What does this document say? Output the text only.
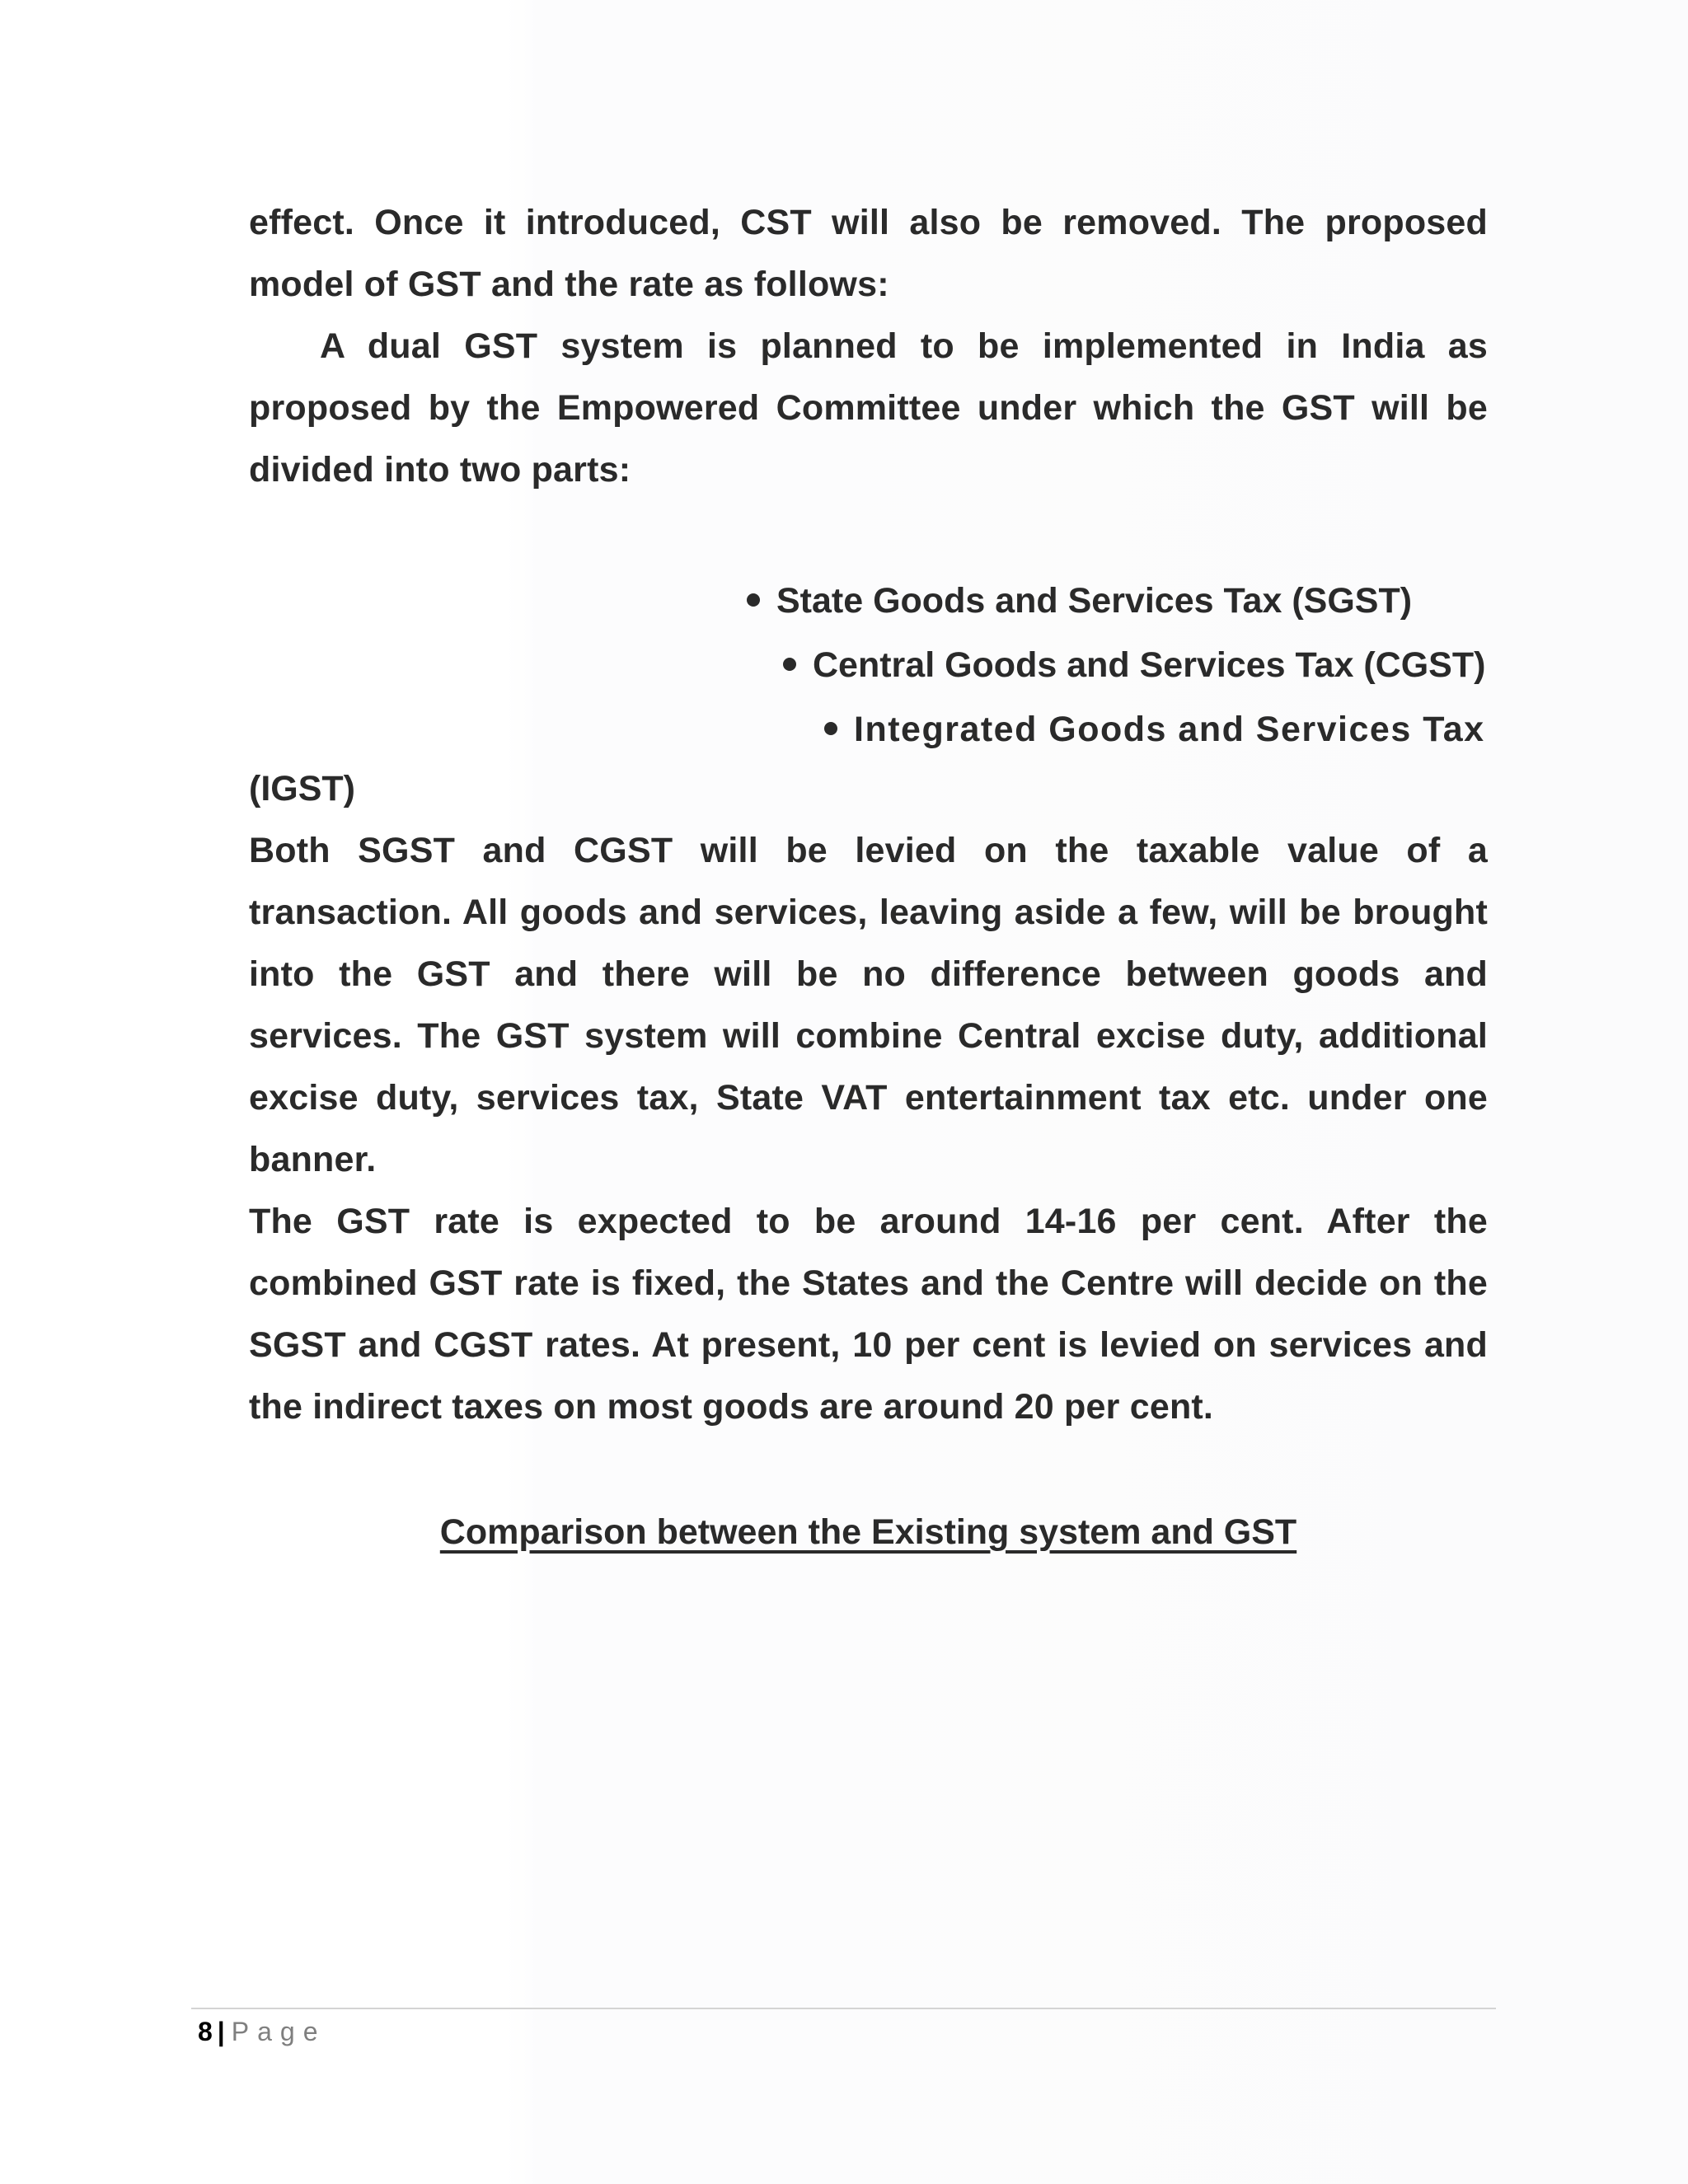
effect. Once it introduced, CST will also be removed. The proposed

model of GST and the rate as follows:

A dual GST system is planned to be implemented in India as proposed by the Empowered Committee under which the GST will be divided into two parts:

State Goods and Services Tax (SGST)
Central Goods and Services Tax (CGST)
Integrated Goods and Services Tax
(IGST)

Both SGST and CGST will be levied on the taxable value of a transaction. All goods and services, leaving aside a few, will be brought into the GST and there will be no difference between goods and services. The GST system will combine Central excise duty, additional excise duty, services tax, State VAT entertainment tax etc. under one banner.

The GST rate is expected to be around 14-16 per cent. After the combined GST rate is fixed, the States and the Centre will decide on the SGST and CGST rates. At present, 10 per cent is levied on services and the indirect taxes on most goods are around 20 per cent.

Comparison between the Existing system and GST
8 | Page
